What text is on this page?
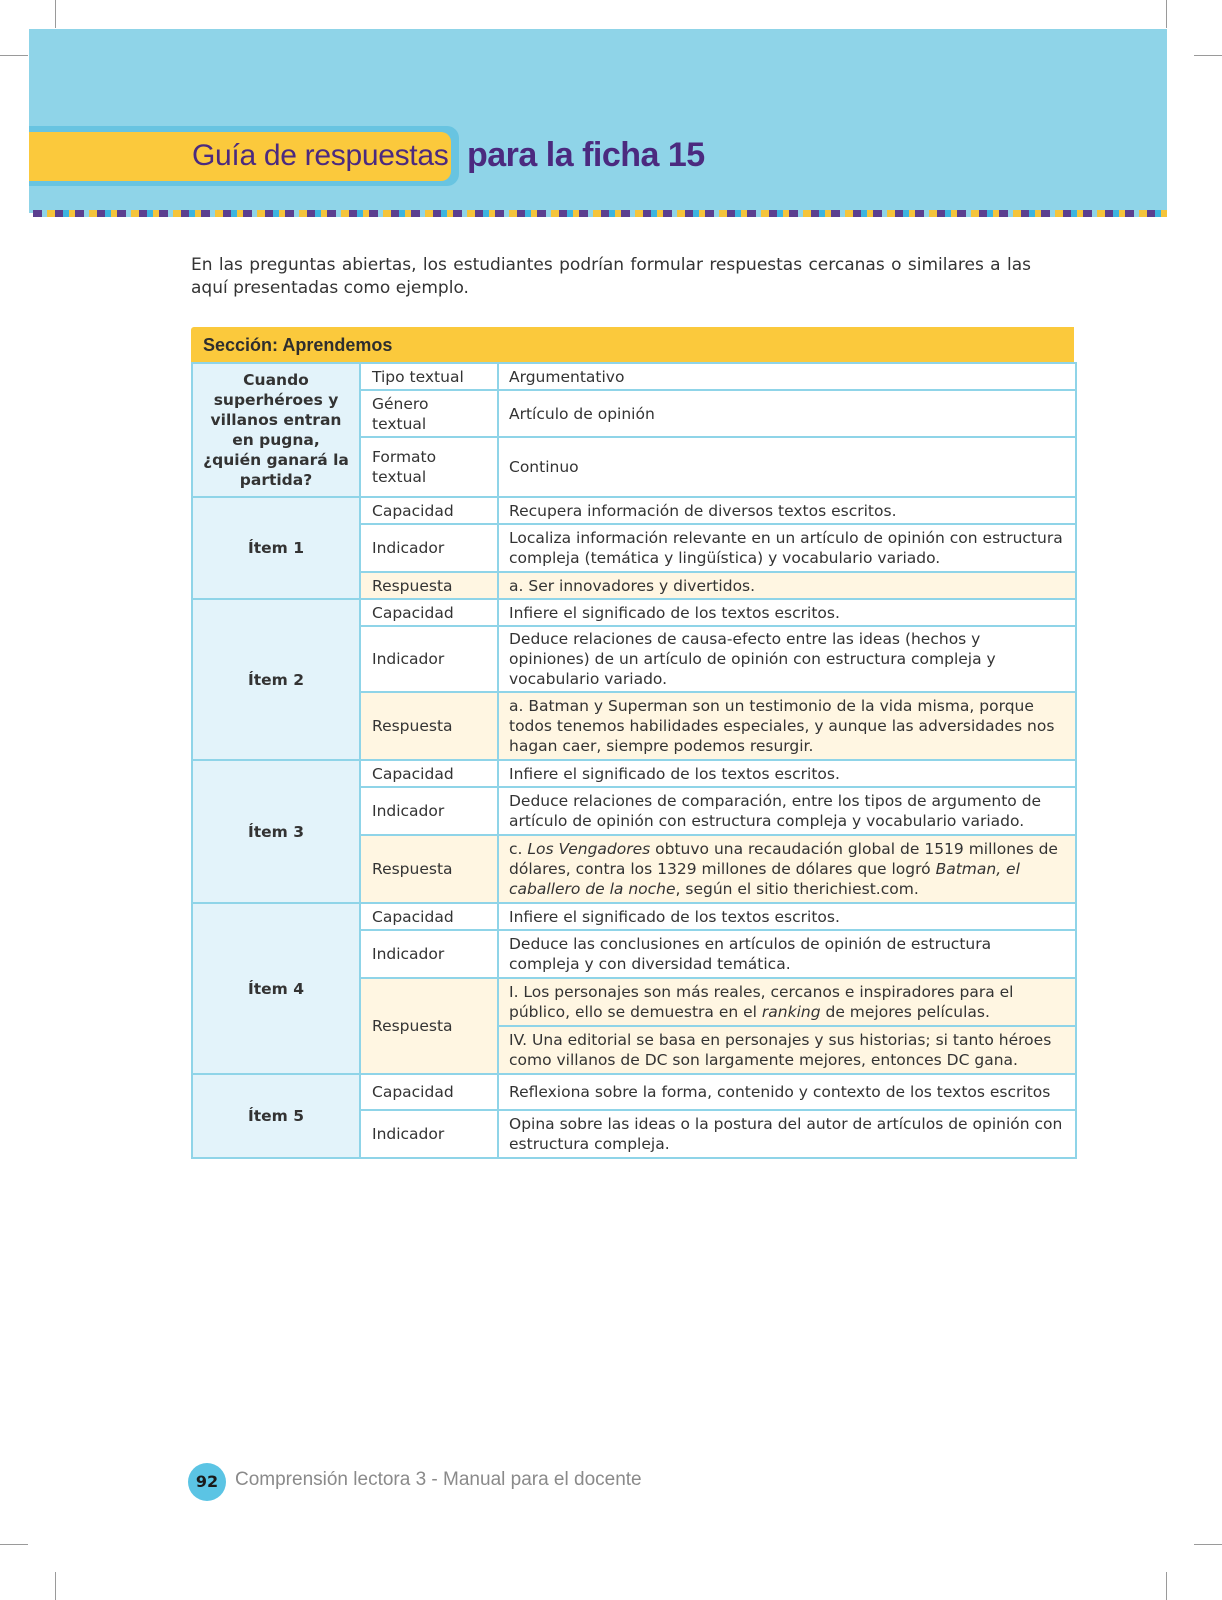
Guía de respuestas para la ficha 15

En las preguntas abiertas, los estudiantes podrían formular respuestas cercanas o similares a las aquí presentadas como ejemplo.

Sección: Aprendemos
Cuando superhéroes y villanos entran en pugna, ¿quién ganará la partida?	Tipo textual	Argumentativo
	Género textual	Artículo de opinión
	Formato textual	Continuo
Ítem 1	Capacidad	Recupera información de diversos textos escritos.
	Indicador	Localiza información relevante en un artículo de opinión con estructura compleja (temática y lingüística) y vocabulario variado.
	Respuesta	a. Ser innovadores y divertidos.
Ítem 2	Capacidad	Infiere el significado de los textos escritos.
	Indicador	Deduce relaciones de causa-efecto entre las ideas (hechos y opiniones) de un artículo de opinión con estructura compleja y vocabulario variado.
	Respuesta	a. Batman y Superman son un testimonio de la vida misma, porque todos tenemos habilidades especiales, y aunque las adversidades nos hagan caer, siempre podemos resurgir.
Ítem 3	Capacidad	Infiere el significado de los textos escritos.
	Indicador	Deduce relaciones de comparación, entre los tipos de argumento de artículo de opinión con estructura compleja y vocabulario variado.
	Respuesta	c. Los Vengadores obtuvo una recaudación global de 1519 millones de dólares, contra los 1329 millones de dólares que logró Batman, el caballero de la noche, según el sitio therichiest.com.
Ítem 4	Capacidad	Infiere el significado de los textos escritos.
	Indicador	Deduce las conclusiones en artículos de opinión de estructura compleja y con diversidad temática.
	Respuesta	I. Los personajes son más reales, cercanos e inspiradores para el público, ello se demuestra en el ranking de mejores películas.
		IV. Una editorial se basa en personajes y sus historias; si tanto héroes como villanos de DC son largamente mejores, entonces DC gana.
Ítem 5	Capacidad	Reflexiona sobre la forma, contenido y contexto de los textos escritos
	Indicador	Opina sobre las ideas o la postura del autor de artículos de opinión con estructura compleja.
92 Comprensión lectora 3 - Manual para el docente
